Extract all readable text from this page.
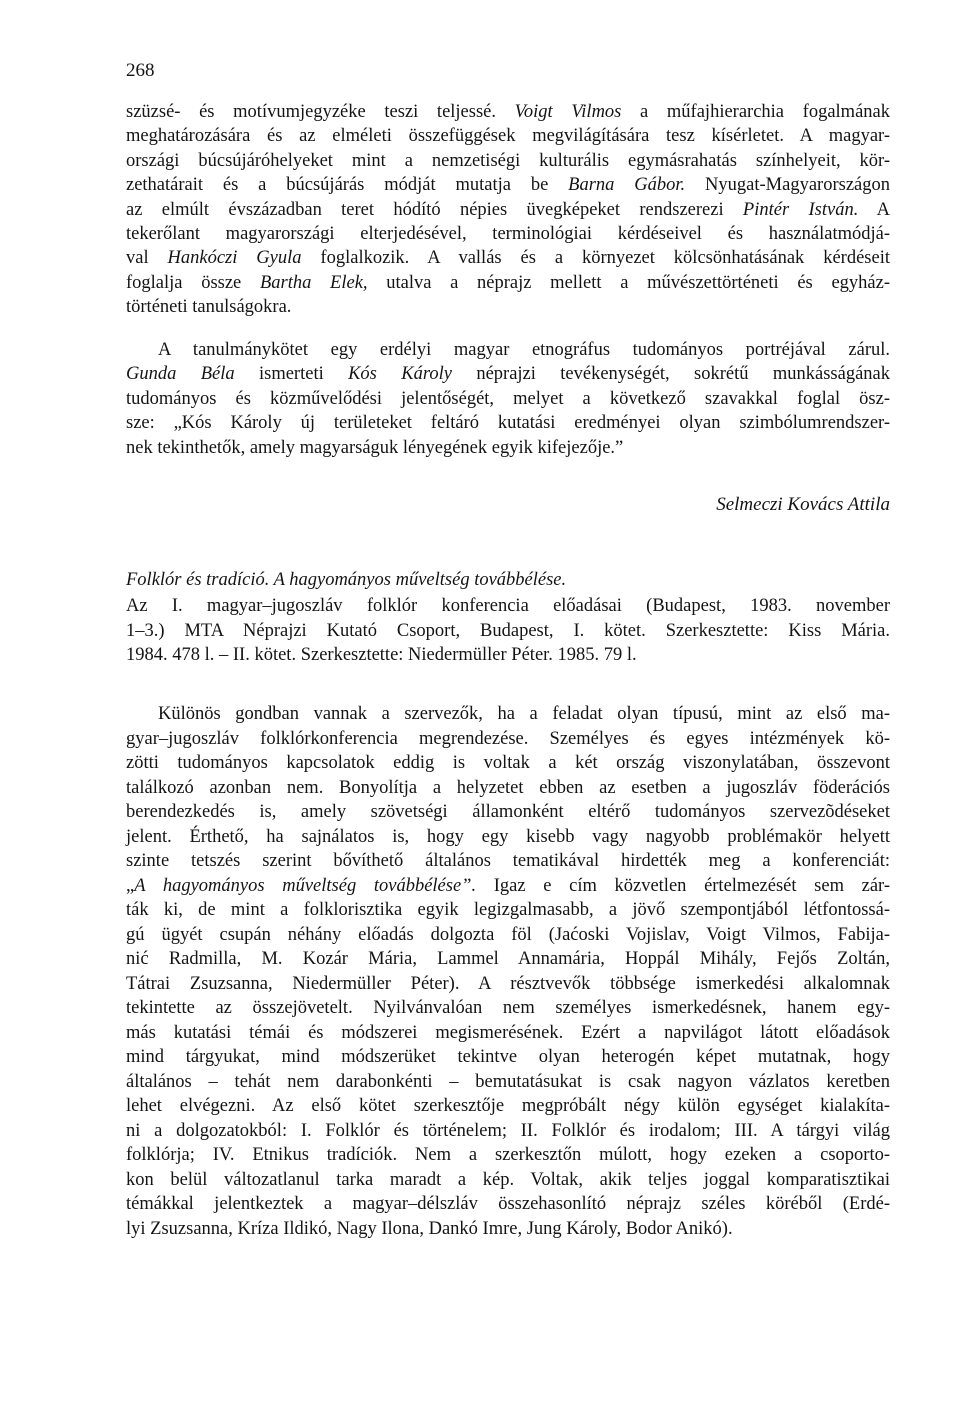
268

szüzsé- és motívumjegyzéke teszi teljessé. Voigt Vilmos a műfajhierarchia fogalmának

meghatározására és az elméleti összefüggések megvilágítására tesz kísérletet. A magyar-

országi búcsújáróhelyeket mint a nemzetiségi kulturális egymásrahatás színhelyeit, kör-

zethatárait és a búcsújárás módját mutatja be Barna Gábor. Nyugat-Magyarországon

az elmúlt évszázadban teret hódító népies üvegképeket rendszerezi Pintér István. A

tekerőlant magyarországi elterjedésével, terminológiai kérdéseivel és használatmódjá-

val Hankóczi Gyula foglalkozik. A vallás és a környezet kölcsönhatásának kérdéseit

foglalja össze Bartha Elek, utalva a néprajz mellett a művészettörténeti és egyház-

történeti tanulságokra.

A tanulmánykötet egy erdélyi magyar etnográfus tudományos portréjával zárul.

Gunda Béla ismerteti Kós Károly néprajzi tevékenységét, sokrétű munkásságának

tudományos és közművelődési jelentőségét, melyet a következő szavakkal foglal ösz-

sze: „Kós Károly új területeket feltáró kutatási eredményei olyan szimbólumrendszer-

nek tekinthetők, amely magyarságuk lényegének egyik kifejezője.”

Selmeczi Kovács Attila

Folklór és tradíció. A hagyományos műveltség továbbélése.

Az I. magyar–jugoszláv folklór konferencia előadásai (Budapest, 1983. november

1–3.) MTA Néprajzi Kutató Csoport, Budapest, I. kötet. Szerkesztette: Kiss Mária.

1984. 478 l. – II. kötet. Szerkesztette: Niedermüller Péter. 1985. 79 l.

Különös gondban vannak a szervezők, ha a feladat olyan típusú, mint az első ma-

gyar–jugoszláv folklórkonferencia megrendezése. Személyes és egyes intézmények kö-

zötti tudományos kapcsolatok eddig is voltak a két ország viszonylatában, összevont

találkozó azonban nem. Bonyolítja a helyzetet ebben az esetben a jugoszláv föderációs

berendezkedés is, amely szövetségi államonként eltérő tudományos szervezõdéseket

jelent. Érthető, ha sajnálatos is, hogy egy kisebb vagy nagyobb problémakör helyett

szinte tetszés szerint bővíthető általános tematikával hirdették meg a konferenciát:

„A hagyományos műveltség továbbélése”. Igaz e cím közvetlen értelmezését sem zár-

ták ki, de mint a folklorisztika egyik legizgalmasabb, a jövő szempontjából létfontossá-

gú ügyét csupán néhány előadás dolgozta föl (Jaćoski Vojislav, Voigt Vilmos, Fabija-

nić Radmilla, M. Kozár Mária, Lammel Annamária, Hoppál Mihály, Fejős Zoltán,

Tátrai Zsuzsanna, Niedermüller Péter). A résztvevők többsége ismerkedési alkalomnak

tekintette az összejövetelt. Nyilvánvalóan nem személyes ismerkedésnek, hanem egy-

más kutatási témái és módszerei megismerésének. Ezért a napvilágot látott előadások

mind tárgyukat, mind módszerüket tekintve olyan heterogén képet mutatnak, hogy

általános – tehát nem darabonkénti – bemutatásukat is csak nagyon vázlatos keretben

lehet elvégezni. Az első kötet szerkesztője megpróbált négy külön egységet kialakíta-

ni a dolgozatokból: I. Folklór és történelem; II. Folklór és irodalom; III. A tárgyi világ

folklórja; IV. Etnikus tradíciók. Nem a szerkesztőn múlott, hogy ezeken a csoporto-

kon belül változatlanul tarka maradt a kép. Voltak, akik teljes joggal komparatisztikai

témákkal jelentkeztek a magyar–délszláv összehasonlító néprajz széles köréből (Erdé-

lyi Zsuzsanna, Kríza Ildikó, Nagy Ilona, Dankó Imre, Jung Károly, Bodor Anikó).
